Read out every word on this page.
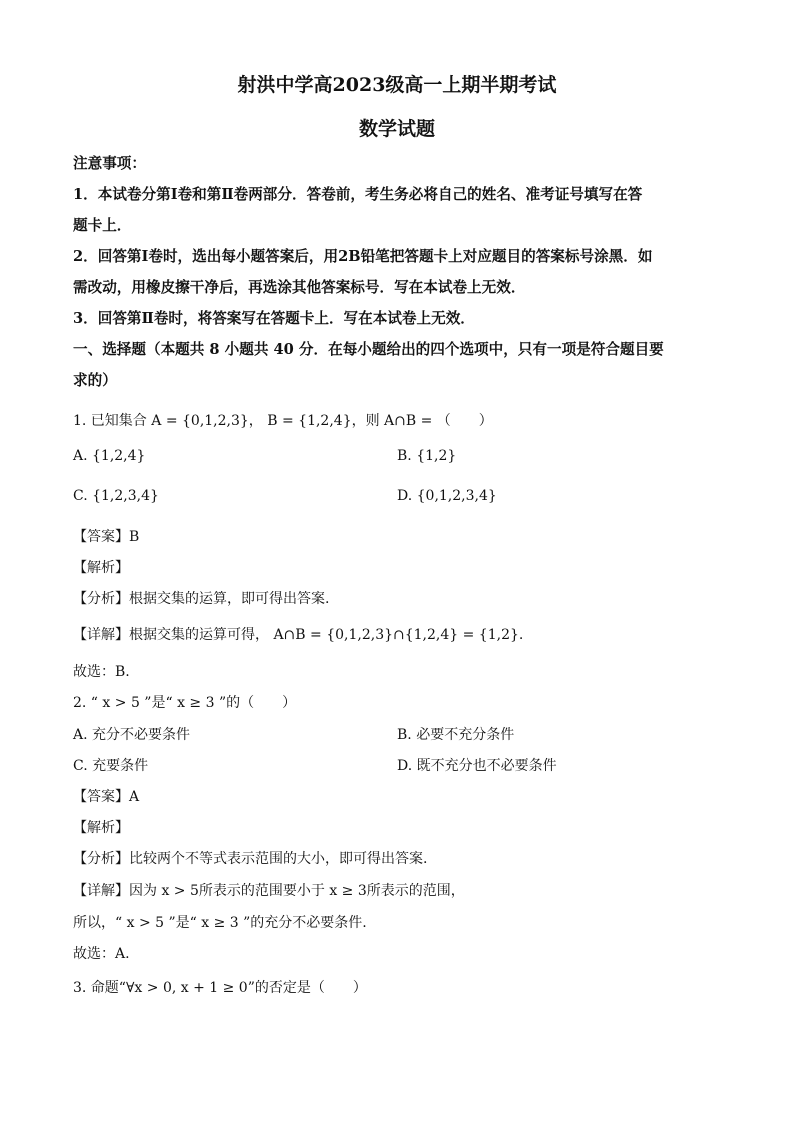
射洪中学高2023级高一上期半期考试
数学试题
注意事项：
1．本试卷分第Ⅰ卷和第Ⅱ卷两部分．答卷前，考生务必将自己的姓名、准考证号填写在答
题卡上．
2．回答第Ⅰ卷时，选出每小题答案后，用2B铅笔把答题卡上对应题目的答案标号涂黑．如
需改动，用橡皮擦干净后，再选涂其他答案标号．写在本试卷上无效．
3．回答第Ⅱ卷时，将答案写在答题卡上．写在本试卷上无效．
一、选择题（本题共 8 小题共 40 分．在每小题给出的四个选项中，只有一项是符合题目要
求的）
1. 已知集合 A = {0,1,2,3}， B = {1,2,4}，则 A∩B = （　　）
A. {1,2,4}	B. {1,2}
C. {1,2,3,4}	D. {0,1,2,3,4}
【答案】B
【解析】
【分析】根据交集的运算，即可得出答案.
【详解】根据交集的运算可得， A∩B = {0,1,2,3}∩{1,2,4} = {1,2}.
故选：B.
2. “ x > 5 ”是“ x ≥ 3 ”的（　　）
A. 充分不必要条件	B. 必要不充分条件
C. 充要条件	D. 既不充分也不必要条件
【答案】A
【解析】
【分析】比较两个不等式表示范围的大小，即可得出答案.
【详解】因为 x > 5所表示的范围要小于 x ≥ 3所表示的范围，
所以，“ x > 5 ”是“ x ≥ 3 ”的充分不必要条件.
故选：A.
3. 命题“∀x > 0, x + 1 ≥ 0”的否定是（　　）
